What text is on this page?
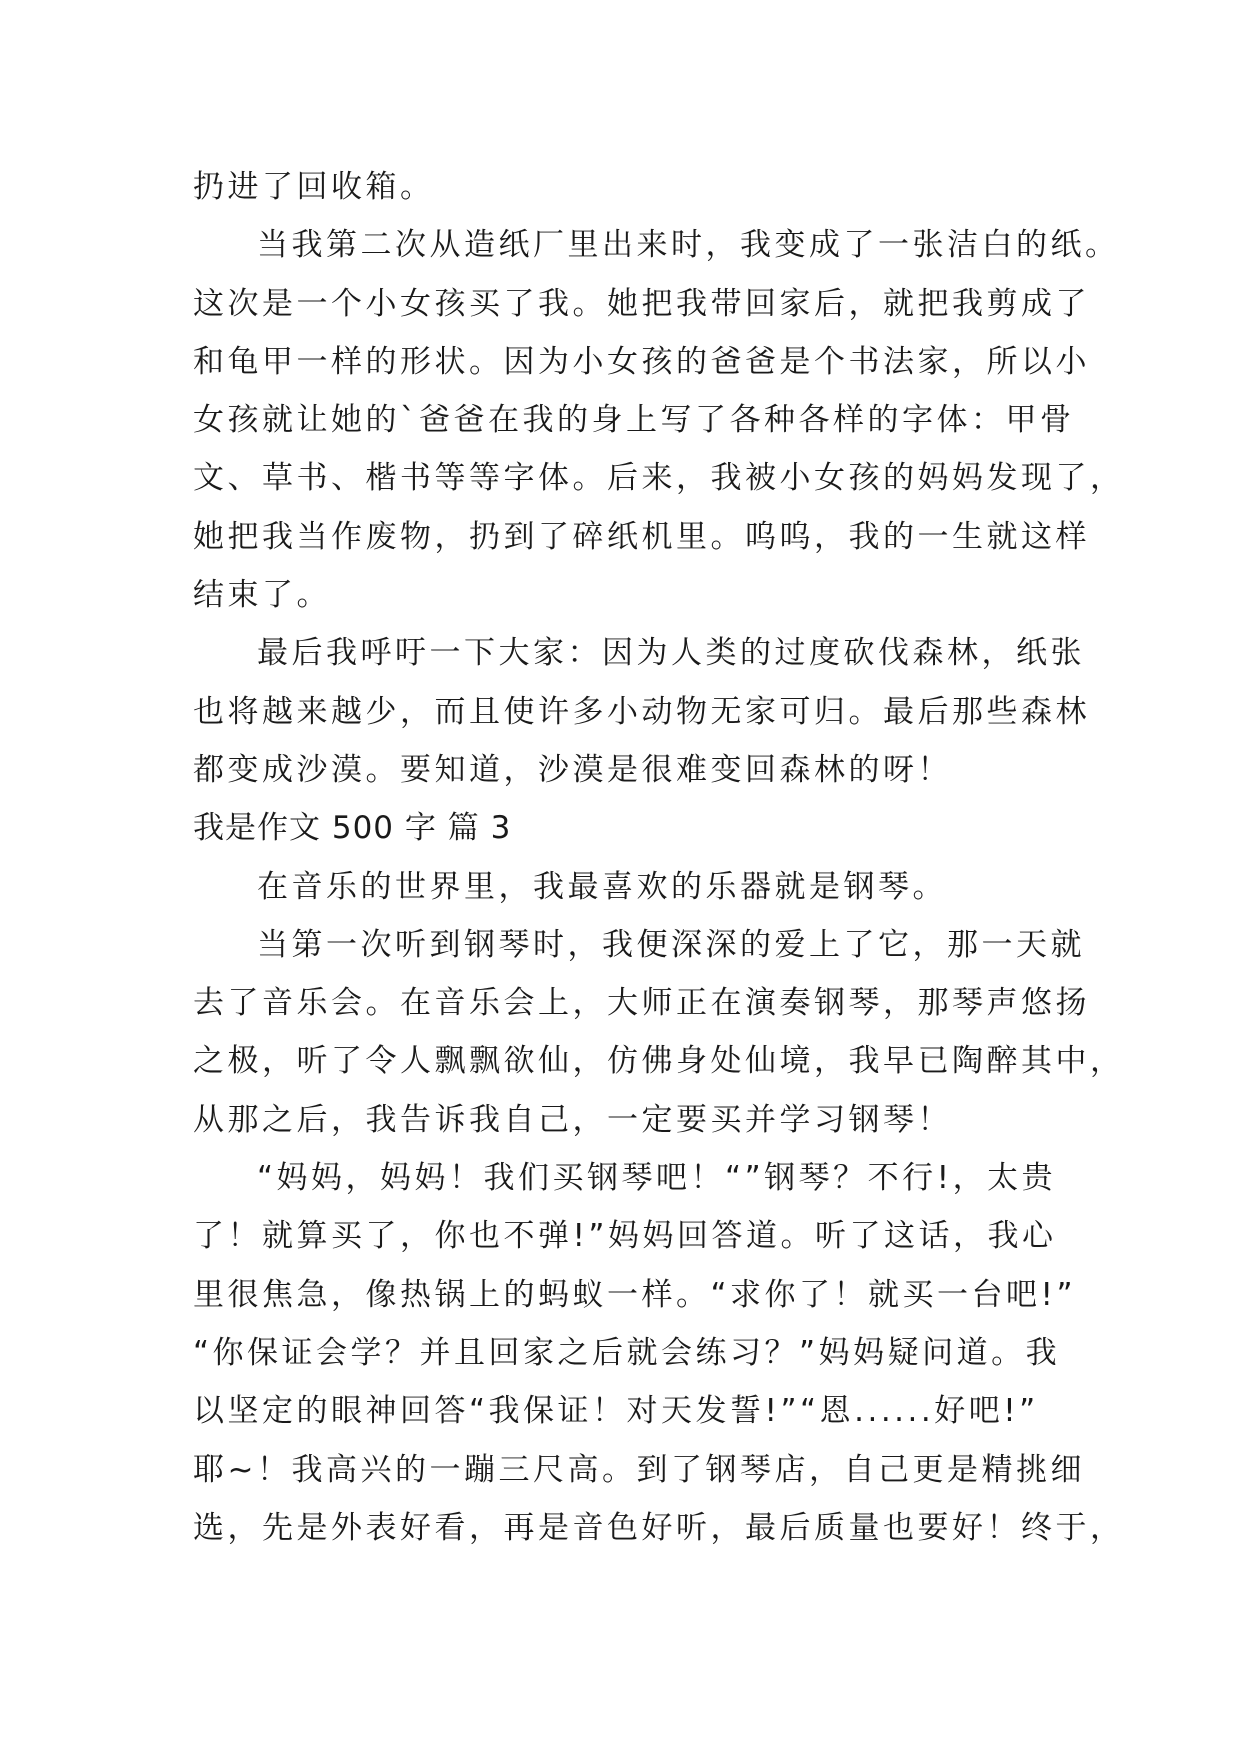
扔进了回收箱。
当我第二次从造纸厂里出来时，我变成了一张洁白的纸。
这次是一个小女孩买了我。她把我带回家后，就把我剪成了
和龟甲一样的形状。因为小女孩的爸爸是个书法家，所以小
女孩就让她的`爸爸在我的身上写了各种各样的字体：甲骨
文、草书、楷书等等字体。后来，我被小女孩的妈妈发现了，
她把我当作废物，扔到了碎纸机里。呜呜，我的一生就这样
结束了。
最后我呼吁一下大家：因为人类的过度砍伐森林，纸张
也将越来越少，而且使许多小动物无家可归。最后那些森林
都变成沙漠。要知道，沙漠是很难变回森林的呀！
我是作文 500 字 篇 3
在音乐的世界里，我最喜欢的乐器就是钢琴。
当第一次听到钢琴时，我便深深的爱上了它，那一天就
去了音乐会。在音乐会上，大师正在演奏钢琴，那琴声悠扬
之极，听了令人飘飘欲仙，仿佛身处仙境，我早已陶醉其中，
从那之后，我告诉我自己，一定要买并学习钢琴！
“妈妈，妈妈！我们买钢琴吧！“”钢琴？不行!，太贵
了！就算买了，你也不弹!”妈妈回答道。听了这话，我心
里很焦急，像热锅上的蚂蚁一样。“求你了！就买一台吧!”
“你保证会学？并且回家之后就会练习？”妈妈疑问道。我
以坚定的眼神回答“我保证！对天发誓!”“恩......好吧!”
耶~！我高兴的一蹦三尺高。到了钢琴店，自己更是精挑细
选，先是外表好看，再是音色好听，最后质量也要好！终于，
